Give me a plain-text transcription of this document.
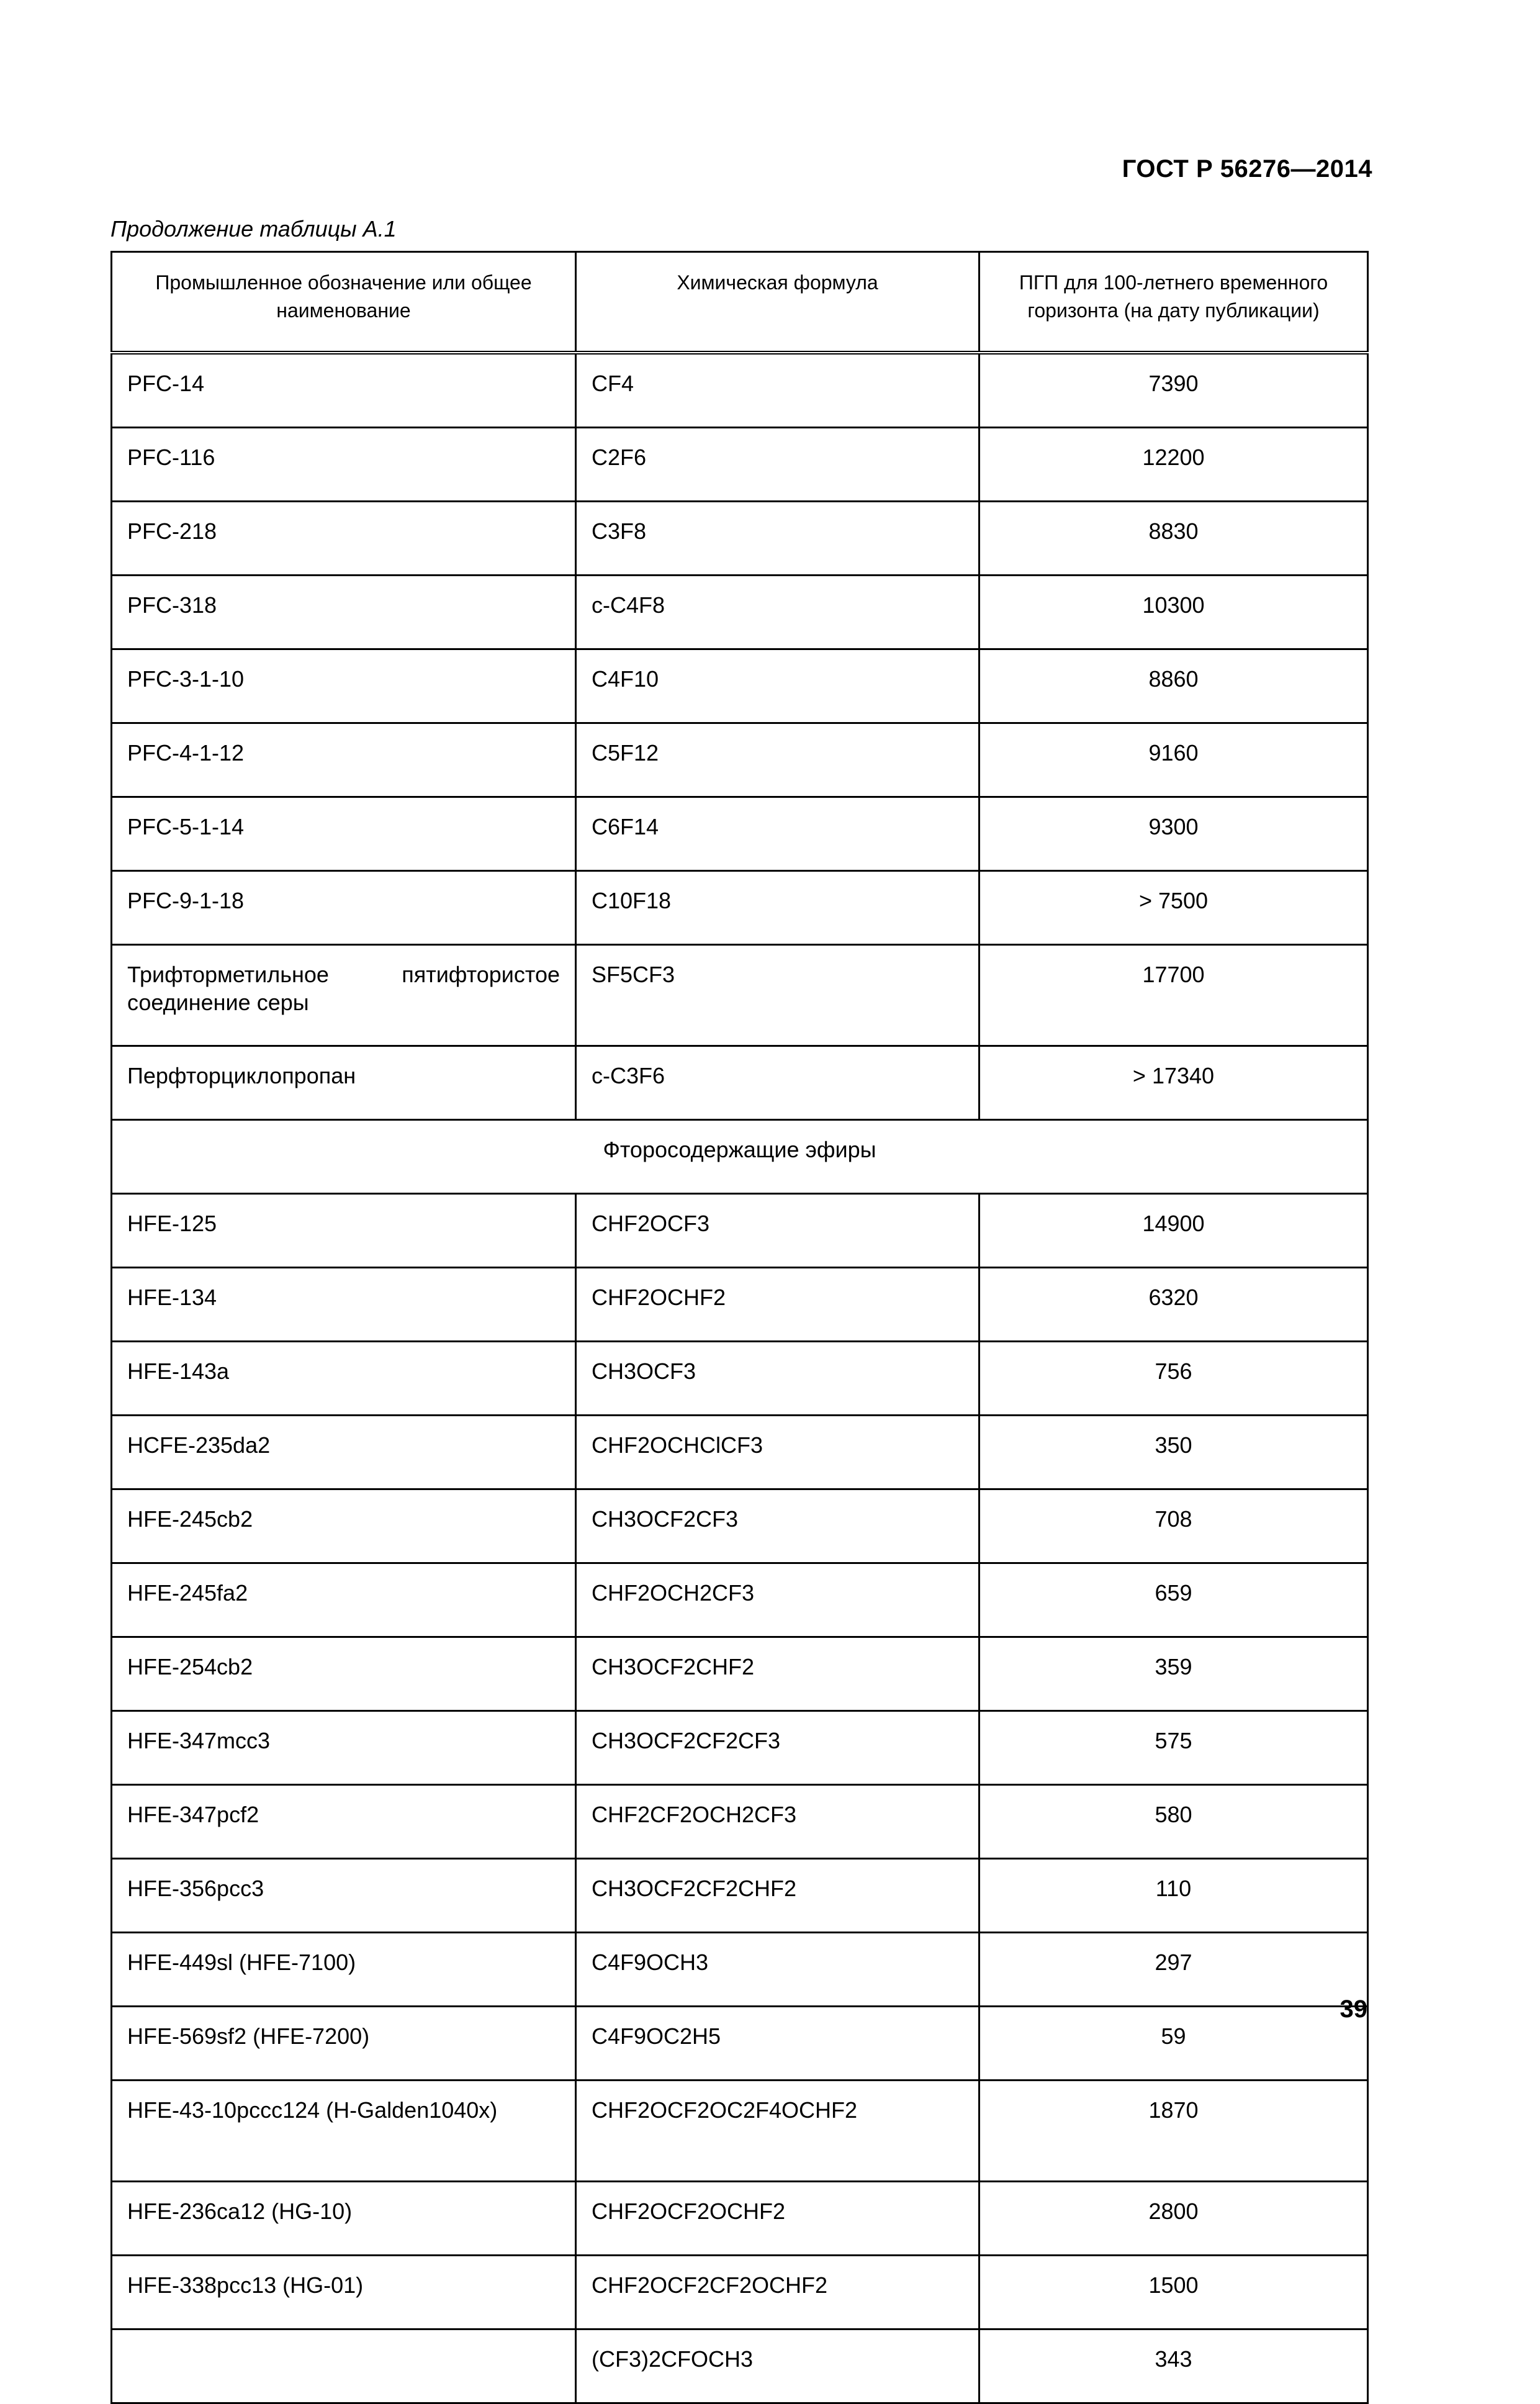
ГОСТ Р 56276—2014
Продолжение таблицы А.1
Промышленное обозначение или общее наименование	Химическая формула	ПГП для 100-летнего временного горизонта (на дату публикации)
PFC-14	CF4	7390
PFC-116	C2F6	12200
PFC-218	C3F8	8830
PFC-318	c-C4F8	10300
PFC-3-1-10	C4F10	8860
PFC-4-1-12	C5F12	9160
PFC-5-1-14	C6F14	9300
PFC-9-1-18	C10F18	> 7500
Трифторметильное пятифтористое соединение серы	SF5CF3	17700
Перфторциклопропан	c-C3F6	> 17340
Фторосодержащие эфиры		
HFE-125	CHF2OCF3	14900
HFE-134	CHF2OCHF2	6320
HFE-143a	CH3OCF3	756
HCFE-235da2	CHF2OCHClCF3	350
HFE-245cb2	CH3OCF2CF3	708
HFE-245fa2	CHF2OCH2CF3	659
HFE-254cb2	CH3OCF2CHF2	359
HFE-347mcc3	CH3OCF2CF2CF3	575
HFE-347pcf2	CHF2CF2OCH2CF3	580
HFE-356pcc3	CH3OCF2CF2CHF2	110
HFE-449sl (HFE-7100)	C4F9OCH3	297
HFE-569sf2 (HFE-7200)	C4F9OC2H5	59
HFE-43-10pccc124 (H-Galden1040x)	CHF2OCF2OC2F4OCHF2	1870
HFE-236ca12 (HG-10)	CHF2OCF2OCHF2	2800
HFE-338pcc13 (HG-01)	CHF2OCF2CF2OCHF2	1500
	(CF3)2CFOCH3	343
39
